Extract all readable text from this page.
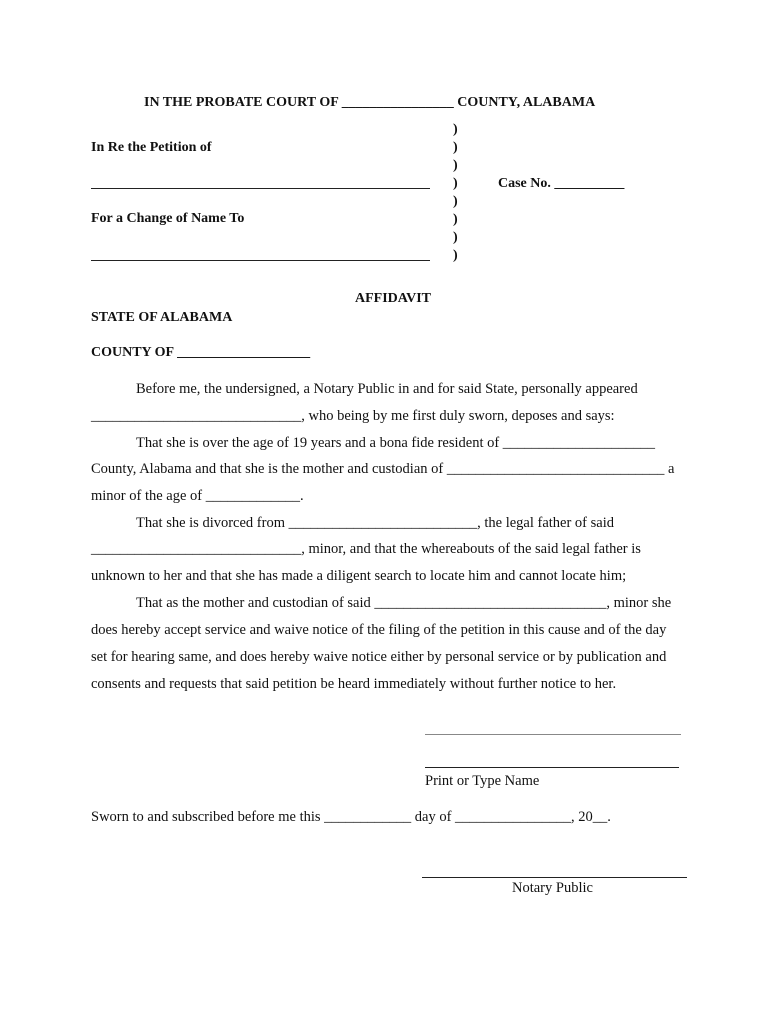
IN THE PROBATE COURT OF ________________ COUNTY, ALABAMA
In Re the Petition of
Case No. __________
For a Change of Name To
)
)
)
)
)
)
)
)
AFFIDAVIT
STATE OF ALABAMA
COUNTY OF ___________________
Before me, the undersigned, a Notary Public in and for said State, personally appeared
_____________________________, who being by me first duly sworn, deposes and says:
That she is over the age of 19 years and a bona fide resident of _____________________
County, Alabama and that she is the mother and custodian of ______________________________ a
minor of the age of _____________.
That she is divorced from __________________________, the legal father of said
_____________________________, minor, and that the whereabouts of the said legal father is
unknown to her and that she has made a diligent search to locate him and cannot locate him;
That as the mother and custodian of said ________________________________, minor she
does hereby accept service and waive notice of the filing of the petition in this cause and of the day
set for hearing same, and does hereby waive notice either by personal service or by publication and
consents and requests that said petition be heard immediately without further notice to her.
Print or Type Name
Sworn to and subscribed before me this ____________ day of ________________, 20__.
Notary Public
